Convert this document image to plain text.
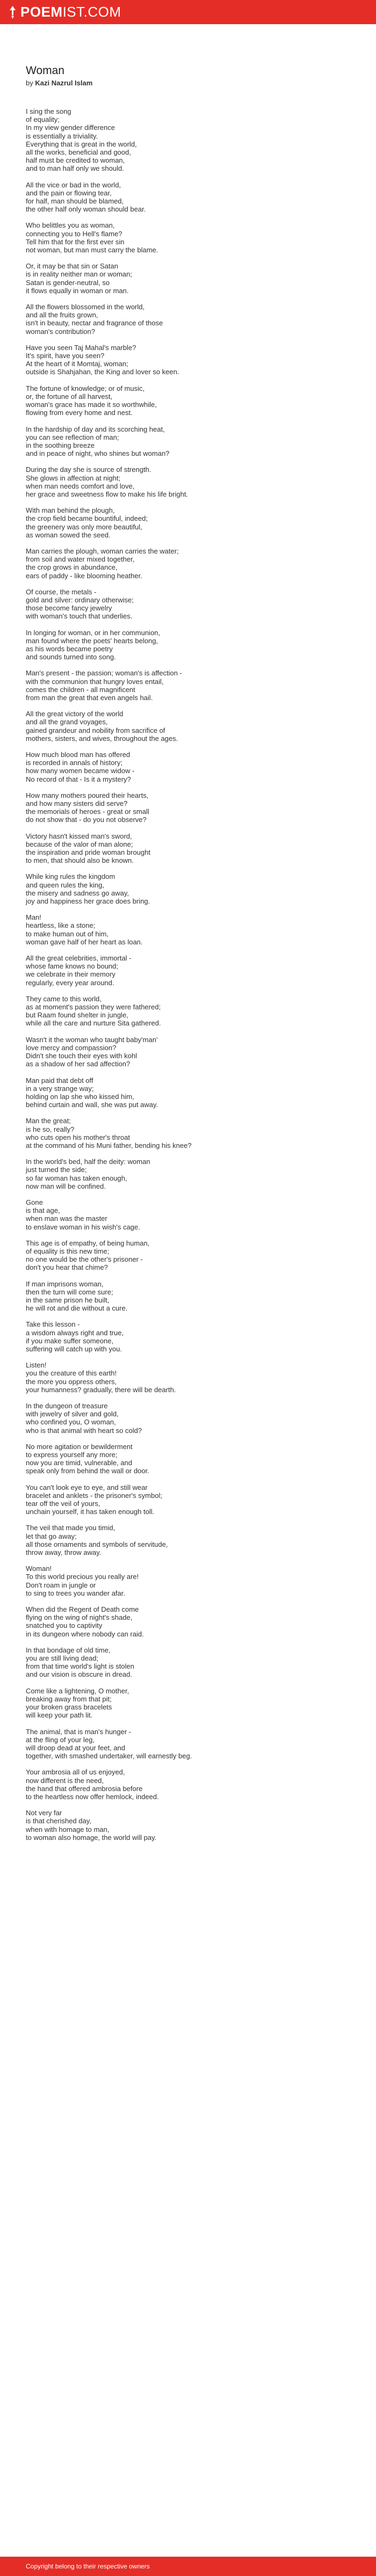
POEMIST.COM
Woman
by Kazi Nazrul Islam

I sing the song
of equality;
In my view gender difference
is essentially a triviality.
Everything that is great in the world,
all the works, beneficial and good,
half must be credited to woman,
and to man half only we should.

All the vice or bad in the world,
and the pain or flowing tear,
for half, man should be blamed,
the other half only woman should bear.

Who belittles you as woman,
connecting you to Hell's flame?
Tell him that for the first ever sin
not woman, but man must carry the blame.

Or, it may be that sin or Satan
is in reality neither man or woman;
Satan is gender-neutral, so
it flows equally in woman or man.

All the flowers blossomed in the world,
and all the fruits grown,
isn't in beauty, nectar and fragrance of those
woman's contribution?

Have you seen Taj Mahal's marble?
It's spirit, have you seen?
At the heart of it Momtaj, woman;
outside is Shahjahan, the King and lover so keen.

The fortune of knowledge; or of music,
or, the fortune of all harvest,
woman's grace has made it so worthwhile,
flowing from every home and nest.

In the hardship of day and its scorching heat,
you can see reflection of man;
in the soothing breeze
and in peace of night, who shines but woman?

During the day she is source of strength.
She glows in affection at night;
when man needs comfort and love,
her grace and sweetness flow to make his life bright.

With man behind the plough,
the crop field became bountiful, indeed;
the greenery was only more beautiful,
as woman sowed the seed.

Man carries the plough, woman carries the water;
from soil and water mixed together,
the crop grows in abundance,
ears of paddy - like blooming heather.

Of course, the metals -
gold and silver: ordinary otherwise;
those become fancy jewelry
with woman's touch that underlies.

In longing for woman, or in her communion,
man found where the poets' hearts belong,
as his words became poetry
and sounds turned into song.

Man's present - the passion; woman's is affection -
with the communion that hungry loves entail,
comes the children - all magnificent
from man the great that even angels hail.

All the great victory of the world
and all the grand voyages,
gained grandeur and nobility from sacrifice of
mothers, sisters, and wives, throughout the ages.

How much blood man has offered
is recorded in annals of history;
how many women became widow -
No record of that - Is it a mystery?

How many mothers poured their hearts,
and how many sisters did serve?
the memorials of heroes - great or small
do not show that - do you not observe?

Victory hasn't kissed man's sword,
because of the valor of man alone;
the inspiration and pride woman brought
to men, that should also be known.

While king rules the kingdom
and queen rules the king,
the misery and sadness go away,
joy and happiness her grace does bring.

Man!
heartless, like a stone;
to make human out of him,
woman gave half of her heart as loan.

All the great celebrities, immortal -
whose fame knows no bound;
we celebrate in their memory
regularly, every year around.

They came to this world,
as at moment's passion they were fathered;
but Raam found shelter in jungle,
while all the care and nurture Sita gathered.

Wasn't it the woman who taught baby'man'
love mercy and compassion?
Didn't she touch their eyes with kohl
as a shadow of her sad affection?

Man paid that debt off
in a very strange way;
holding on lap she who kissed him,
behind curtain and wall, she was put away.

Man the great;
is he so, really?
who cuts open his mother's throat
at the command of his Muni father, bending his knee?

In the world's bed, half the deity: woman
just turned the side;
so far woman has taken enough,
now man will be confined.

Gone
is that age,
when man was the master
to enslave woman in his wish's cage.

This age is of empathy, of being human,
of equality is this new time;
no one would be the other's prisoner -
don't you hear that chime?

If man imprisons woman,
then the turn will come sure;
in the same prison he built,
he will rot and die without a cure.

Take this lesson -
a wisdom always right and true,
if you make suffer someone,
suffering will catch up with you.

Listen!
you the creature of this earth!
the more you oppress others,
your humanness? gradually, there will be dearth.

In the dungeon of treasure
with jewelry of silver and gold,
who confined you, O woman,
who is that animal with heart so cold?

No more agitation or bewilderment
to express yourself any more;
now you are timid, vulnerable, and
speak only from behind the wall or door.

You can't look eye to eye, and still wear
bracelet and anklets - the prisoner's symbol;
tear off the veil of yours,
unchain yourself, it has taken enough toll.

The veil that made you timid,
let that go away;
all those ornaments and symbols of servitude,
throw away, throw away.

Woman!
To this world precious you really are!
Don't roam in jungle or
to sing to trees you wander afar.

When did the Regent of Death come
flying on the wing of night's shade,
snatched you to captivity
in its dungeon where nobody can raid.

In that bondage of old time,
you are still living dead;
from that time world's light is stolen
and our vision is obscure in dread.

Come like a lightening, O mother,
breaking away from that pit;
your broken grass bracelets
will keep your path lit.

The animal, that is man's hunger -
at the fling of your leg,
will droop dead at your feet, and
together, with smashed undertaker, will earnestly beg.

Your ambrosia all of us enjoyed,
now different is the need,
the hand that offered ambrosia before
to the heartless now offer hemlock, indeed.

Not very far
is that cherished day,
when with homage to man,
to woman also homage, the world will pay.

Copyright belong to their respective owners
